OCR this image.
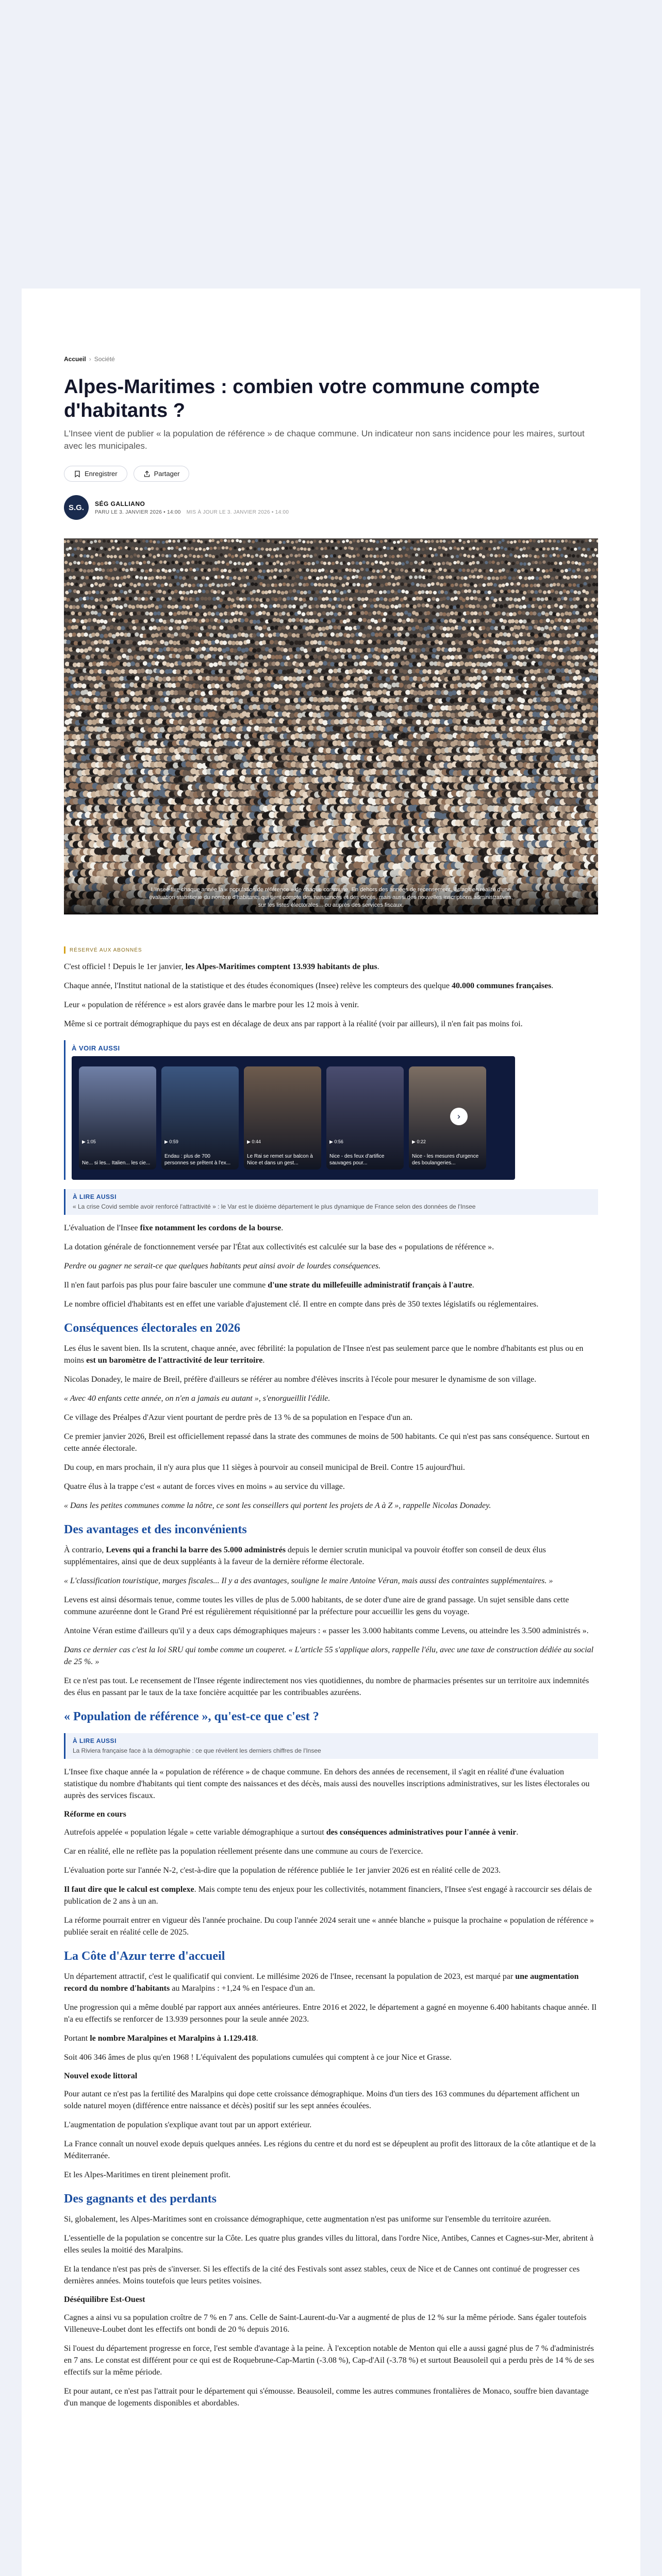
Accueil › Société
Alpes-Maritimes : combien votre commune compte d'habitants ?
L'Insee vient de publier « la population de référence » de chaque commune. Un indicateur non sans incidence pour les maires, surtout avec les municipales.
Enregistrer	Partager
S.G.	SÉG GALLIANO
PARU LE 3. JANVIER 2026 • 14:00 MIS À JOUR LE 3. JANVIER 2026 • 14:00
L'Insee fixe chaque année la « population de référence » de chaque commune. En dehors des années de recensement, il s'agit en réalité d'une évaluation statistique du nombre d'habitants qui tient compte des naissances et des décès, mais aussi des nouvelles inscriptions administratives, sur les listes électorales... ou auprès des services fiscaux.
RÉSERVÉ AUX ABONNÉS

C'est officiel ! Depuis le 1er janvier, les Alpes-Maritimes comptent 13.939 habitants de plus.

Chaque année, l'Institut national de la statistique et des études économiques (Insee) relève les compteurs des quelque 40.000 communes françaises.

Leur « population de référence » est alors gravée dans le marbre pour les 12 mois à venir.

Même si ce portrait démographique du pays est en décalage de deux ans par rapport à la réalité (voir par ailleurs), il n'en fait pas moins foi.

À VOIR AUSSI
▶ 1:05
Ne... si les... Italien... les cie...
▶ 0:59
Endau : plus de 700 personnes se prêtent à l'ex...
▶ 0:44
Le Rai se remet sur balcon à Nice et dans un gest...
▶ 0:56
Nice - des feux d'artifice sauvages pour...
▶ 0:22
Nice - les mesures d'urgence des boulangeries...
›
À LIRE AUSSI
« La crise Covid semble avoir renforcé l'attractivité » : le Var est le dixième département le plus dynamique de France selon des données de l'Insee

L'évaluation de l'Insee fixe notamment les cordons de la bourse.

La dotation générale de fonctionnement versée par l'État aux collectivités est calculée sur la base des « populations de référence ».

Perdre ou gagner ne serait-ce que quelques habitants peut ainsi avoir de lourdes conséquences.

Il n'en faut parfois pas plus pour faire basculer une commune d'une strate du millefeuille administratif français à l'autre.

Le nombre officiel d'habitants est en effet une variable d'ajustement clé. Il entre en compte dans près de 350 textes législatifs ou réglementaires.

Conséquences électorales en 2026

Les élus le savent bien. Ils la scrutent, chaque année, avec fébrilité: la population de l'Insee n'est pas seulement parce que le nombre d'habitants est plus ou en moins est un baromètre de l'attractivité de leur territoire.

Nicolas Donadey, le maire de Breil, préfère d'ailleurs se référer au nombre d'élèves inscrits à l'école pour mesurer le dynamisme de son village.

« Avec 40 enfants cette année, on n'en a jamais eu autant », s'enorgueillit l'édile.

Ce village des Préalpes d'Azur vient pourtant de perdre près de 13 % de sa population en l'espace d'un an.

Ce premier janvier 2026, Breil est officiellement repassé dans la strate des communes de moins de 500 habitants. Ce qui n'est pas sans conséquence. Surtout en cette année électorale.

Du coup, en mars prochain, il n'y aura plus que 11 sièges à pourvoir au conseil municipal de Breil. Contre 15 aujourd'hui.

Quatre élus à la trappe c'est « autant de forces vives en moins » au service du village.

« Dans les petites communes comme la nôtre, ce sont les conseillers qui portent les projets de A à Z », rappelle Nicolas Donadey.

Des avantages et des inconvénients

À contrario, Levens qui a franchi la barre des 5.000 administrés depuis le dernier scrutin municipal va pouvoir étoffer son conseil de deux élus supplémentaires, ainsi que de deux suppléants à la faveur de la dernière réforme électorale.

« L'classification touristique, marges fiscales... Il y a des avantages, souligne le maire Antoine Véran, mais aussi des contraintes supplémentaires. »

Levens est ainsi désormais tenue, comme toutes les villes de plus de 5.000 habitants, de se doter d'une aire de grand passage. Un sujet sensible dans cette commune azuréenne dont le Grand Pré est régulièrement réquisitionné par la préfecture pour accueillir les gens du voyage.

Antoine Véran estime d'ailleurs qu'il y a deux caps démographiques majeurs : « passer les 3.000 habitants comme Levens, ou atteindre les 3.500 administrés ».

Dans ce dernier cas c'est la loi SRU qui tombe comme un couperet. « L'article 55 s'applique alors, rappelle l'élu, avec une taxe de construction dédiée au social de 25 %. »

Et ce n'est pas tout. Le recensement de l'Insee régente indirectement nos vies quotidiennes, du nombre de pharmacies présentes sur un territoire aux indemnités des élus en passant par le taux de la taxe foncière acquittée par les contribuables azuréens.

« Population de référence », qu'est-ce que c'est ?
À LIRE AUSSI
La Riviera française face à la démographie : ce que révèlent les derniers chiffres de l'Insee

L'Insee fixe chaque année la « population de référence » de chaque commune. En dehors des années de recensement, il s'agit en réalité d'une évaluation statistique du nombre d'habitants qui tient compte des naissances et des décès, mais aussi des nouvelles inscriptions administratives, sur les listes électorales ou auprès des services fiscaux.

Réforme en cours

Autrefois appelée « population légale » cette variable démographique a surtout des conséquences administratives pour l'année à venir.

Car en réalité, elle ne reflète pas la population réellement présente dans une commune au cours de l'exercice.

L'évaluation porte sur l'année N-2, c'est-à-dire que la population de référence publiée le 1er janvier 2026 est en réalité celle de 2023.

Il faut dire que le calcul est complexe. Mais compte tenu des enjeux pour les collectivités, notamment financiers, l'Insee s'est engagé à raccourcir ses délais de publication de 2 ans à un an.

La réforme pourrait entrer en vigueur dès l'année prochaine. Du coup l'année 2024 serait une « année blanche » puisque la prochaine « population de référence » publiée serait en réalité celle de 2025.

La Côte d'Azur terre d'accueil

Un département attractif, c'est le qualificatif qui convient. Le millésime 2026 de l'Insee, recensant la population de 2023, est marqué par une augmentation record du nombre d'habitants au Maralpins : +1,24 % en l'espace d'un an.

Une progression qui a même doublé par rapport aux années antérieures. Entre 2016 et 2022, le département a gagné en moyenne 6.400 habitants chaque année. Il n'a eu effectifs se renforcer de 13.939 personnes pour la seule année 2023.

Portant le nombre Maralpines et Maralpins à 1.129.418.

Soit 406 346 âmes de plus qu'en 1968 ! L'équivalent des populations cumulées qui comptent à ce jour Nice et Grasse.

Nouvel exode littoral

Pour autant ce n'est pas la fertilité des Maralpins qui dope cette croissance démographique. Moins d'un tiers des 163 communes du département affichent un solde naturel moyen (différence entre naissance et décès) positif sur les sept années écoulées.

L'augmentation de population s'explique avant tout par un apport extérieur.

La France connaît un nouvel exode depuis quelques années. Les régions du centre et du nord est se dépeuplent au profit des littoraux de la côte atlantique et de la Méditerranée.

Et les Alpes-Maritimes en tirent pleinement profit.

Des gagnants et des perdants

Si, globalement, les Alpes-Maritimes sont en croissance démographique, cette augmentation n'est pas uniforme sur l'ensemble du territoire azuréen.

L'essentielle de la population se concentre sur la Côte. Les quatre plus grandes villes du littoral, dans l'ordre Nice, Antibes, Cannes et Cagnes-sur-Mer, abritent à elles seules la moitié des Maralpins.

Et la tendance n'est pas près de s'inverser. Si les effectifs de la cité des Festivals sont assez stables, ceux de Nice et de Cannes ont continué de progresser ces dernières années. Moins toutefois que leurs petites voisines.

Déséquilibre Est-Ouest

Cagnes a ainsi vu sa population croître de 7 % en 7 ans. Celle de Saint-Laurent-du-Var a augmenté de plus de 12 % sur la même période. Sans égaler toutefois Villeneuve-Loubet dont les effectifs ont bondi de 20 % depuis 2016.

Si l'ouest du département progresse en force, l'est semble d'avantage à la peine. À l'exception notable de Menton qui elle a aussi gagné plus de 7 % d'administrés en 7 ans. Le constat est différent pour ce qui est de Roquebrune-Cap-Martin (-3.08 %), Cap-d'Ail (-3.78 %) et surtout Beausoleil qui a perdu près de 14 % de ses effectifs sur la même période.

Et pour autant, ce n'est pas l'attrait pour le département qui s'émousse. Beausoleil, comme les autres communes frontalières de Monaco, souffre bien davantage d'un manque de logements disponibles et abordables.
